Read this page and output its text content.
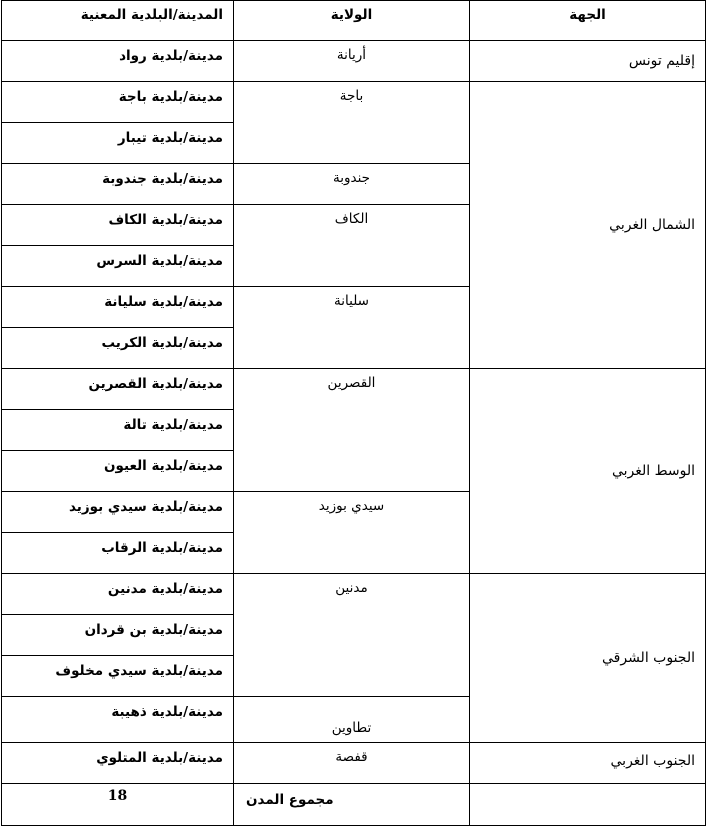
الجهة	الولاية	المدينة/البلدية المعنية
إقليم تونس	أريانة	مدينة/بلدية رواد
الشمال الغربي	باجة	مدينة/بلدية باجة
		مدينة/بلدية تيبار
	جندوبة	مدينة/بلدية جندوبة
	الكاف	مدينة/بلدية الكاف
		مدينة/بلدية السرس
	سليانة	مدينة/بلدية سليانة
		مدينة/بلدية الكريب
الوسط الغربي	القصرين	مدينة/بلدية القصرين
		مدينة/بلدية تالة
		مدينة/بلدية العيون
	سيدي بوزيد	مدينة/بلدية سيدي بوزيد
		مدينة/بلدية الرقاب
الجنوب الشرقي	مدنين	مدينة/بلدية مدنين
		مدينة/بلدية بن قردان
		مدينة/بلدية سيدي مخلوف
	تطاوين	مدينة/بلدية ذهيبة
الجنوب الغربي	قفصة	مدينة/بلدية المتلوي
	مجموع المدن	18
